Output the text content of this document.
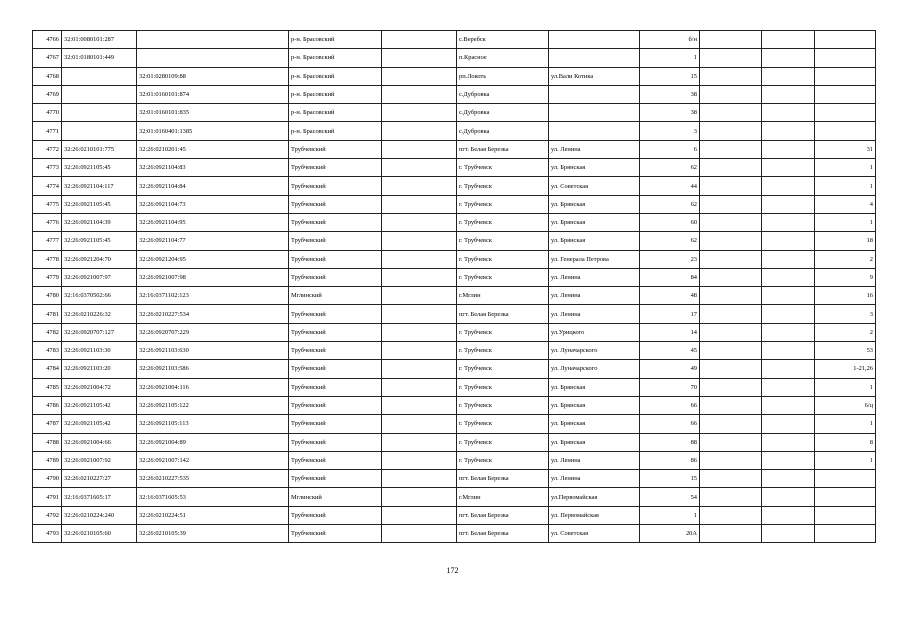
4766	32:01:0080101:287		р-н. Брасовский		с.Веребск		б/н			
4767	32:01:0180101:449		р-н. Брасовский		п.Красное		1			
4768		32:01:0280109:88	р-н. Брасовский		рп.Локоть	ул.Вали Котика	15			
4769		32:01:0160101:874	р-н. Брасовский		с.Дубровка		38			
4770		32:01:0160101:835	р-н. Брасовский		с.Дубровка		38			
4771		32:01:0160401:1385	р-н. Брасовский		с.Дубровка		3			
4772	32:26:0210101:775	32:26:0210201:45	Трубчевский		пгт. Белая Березка	ул. Ленина	6			31
4773	32:26:0921105:45	32:26:0921104:83	Трубчевский		г. Трубчевск	ул. Брянская	62			1
4774	32:26:0921104:117	32:26:0921104:84	Трубчевский		г. Трубчевск	ул. Советская	44			1
4775	32:26:0921105:45	32:26:0921104:73	Трубчевский		г. Трубчевск	ул. Брянская	62			4
4776	32:26:0921104:39	32:26:0921104:95	Трубчевский		г. Трубчевск	ул. Брянская	60			1
4777	32:26:0921105:45	32:26:0921104:77	Трубчевский		г. Трубчевск	ул. Брянская	62			18
4778	32:26:0921204:70	32:26:0921204:95	Трубчевский		г. Трубчевск	ул. Генерала Петрова	23			2
4779	32:26:0921007:97	32:26:0921007:98	Трубчевский		г. Трубчевск	ул. Ленина	84			9
4780	32:16:0370502:66	32:16:0371102:123	Мглинский		г.Мглин	ул. Ленина	48			16
4781	32:26:0210226:32	32:26:0210227:534	Трубчевский		пгт. Белая Березка	ул. Ленина	17			3
4782	32:26:0920707:127	32:26:0920707:229	Трубчевский		г. Трубчевск	ул.Урицкого	14			2
4783	32:26:0921103:30	32:26:0921103:630	Трубчевский		г. Трубчевск	ул. Луначарского	45			53
4784	32:26:0921103:20	32:26:0921103:586	Трубчевский		г. Трубчевск	ул. Луначарского	49			1-21,26
4785	32:26:0921004:72	32:26:0921004:116	Трубчевский		г. Трубчевск	ул. Брянская	70			1
4786	32:26:0921105:42	32:26:0921105:122	Трубчевский		г. Трубчевск	ул. Брянская	66			6/ц
4787	32:26:0921105:42	32:26:0921105:113	Трубчевский		г. Трубчевск	ул. Брянская	66			1
4788	32:26:0921004:66	32:26:0921004:89	Трубчевский		г. Трубчевск	ул. Брянская	88			8
4789	32:26:0921007:92	32:26:0921007:142	Трубчевский		г. Трубчевск	ул. Ленина	86			1
4790	32:26:0210227:27	32:26:0210227:535	Трубчевский		пгт. Белая Березка	ул. Ленина	15			
4791	32:16:0371605:17	32:16:0371605:53	Мглинский		г.Мглин	ул.Первомайская	54			
4792	32:26:0210224:240	32:26:0210224:51	Трубчевский		пгт. Белая Березка	ул. Первомайская	1			
4793	32:26:0210105:60	32:26:0210105:39	Трубчевский		пгт. Белая Березка	ул. Советская	20А			
172
